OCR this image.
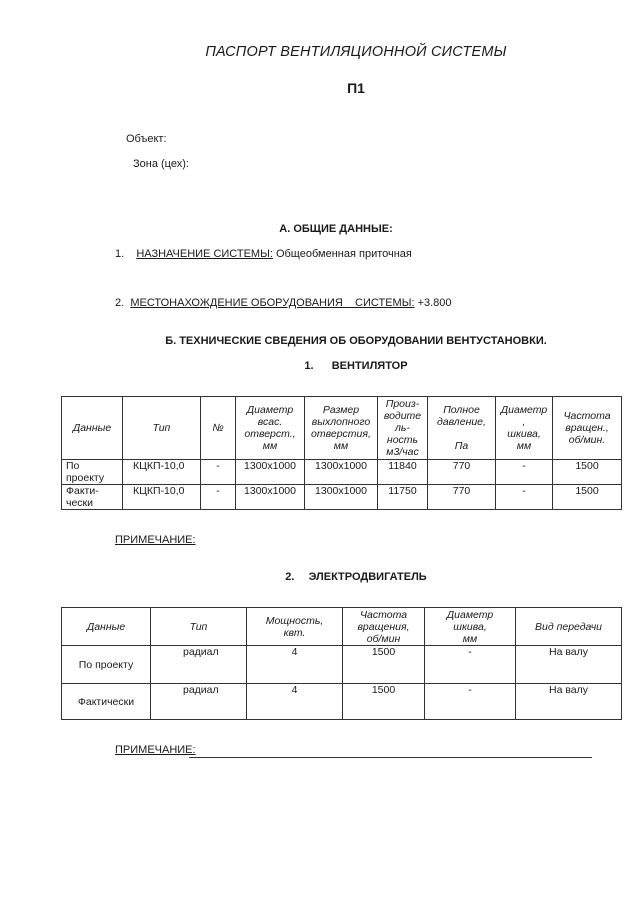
ПАСПОРТ ВЕНТИЛЯЦИОННОЙ СИСТЕМЫ
П1
Объект:
Зона (цех):
А. ОБЩИЕ ДАННЫЕ:
1. НАЗНАЧЕНИЕ СИСТЕМЫ: Общеобменная приточная
2. МЕСТОНАХОЖДЕНИЕ ОБОРУДОВАНИЯ    СИСТЕМЫ: +3.800
Б. ТЕХНИЧЕСКИЕ СВЕДЕНИЯ ОБ ОБОРУДОВАНИИ ВЕНТУСТАНОВКИ.
1. ВЕНТИЛЯТОР
Данные	Тип	№	Диаметр
всас.
отверст.,
мм	Размер
выхлопного
отверстия,
мм	Произ-
водите
ль-
ность
м3/час	Полное
давление,

Па	Диаметр
,
шкива,
мм	Частота
вращен.,
об/мин.
По
проекту	КЦКП-10,0	-	1300х1000	1300х1000	11840	770	-	1500
Факти-
чески	КЦКП-10,0	-	1300х1000	1300х1000	11750	770	-	1500
ПРИМЕЧАНИЕ:
2. ЭЛЕКТРОДВИГАТЕЛЬ
Данные	Тип	Мощность,
квт.	Частота
вращения,
об/мин	Диаметр
шкива,
мм	Вид передачи
По проекту	радиал	4	1500	-	На валу
Фактически	радиал	4	1500	-	На валу
ПРИМЕЧАНИЕ:
